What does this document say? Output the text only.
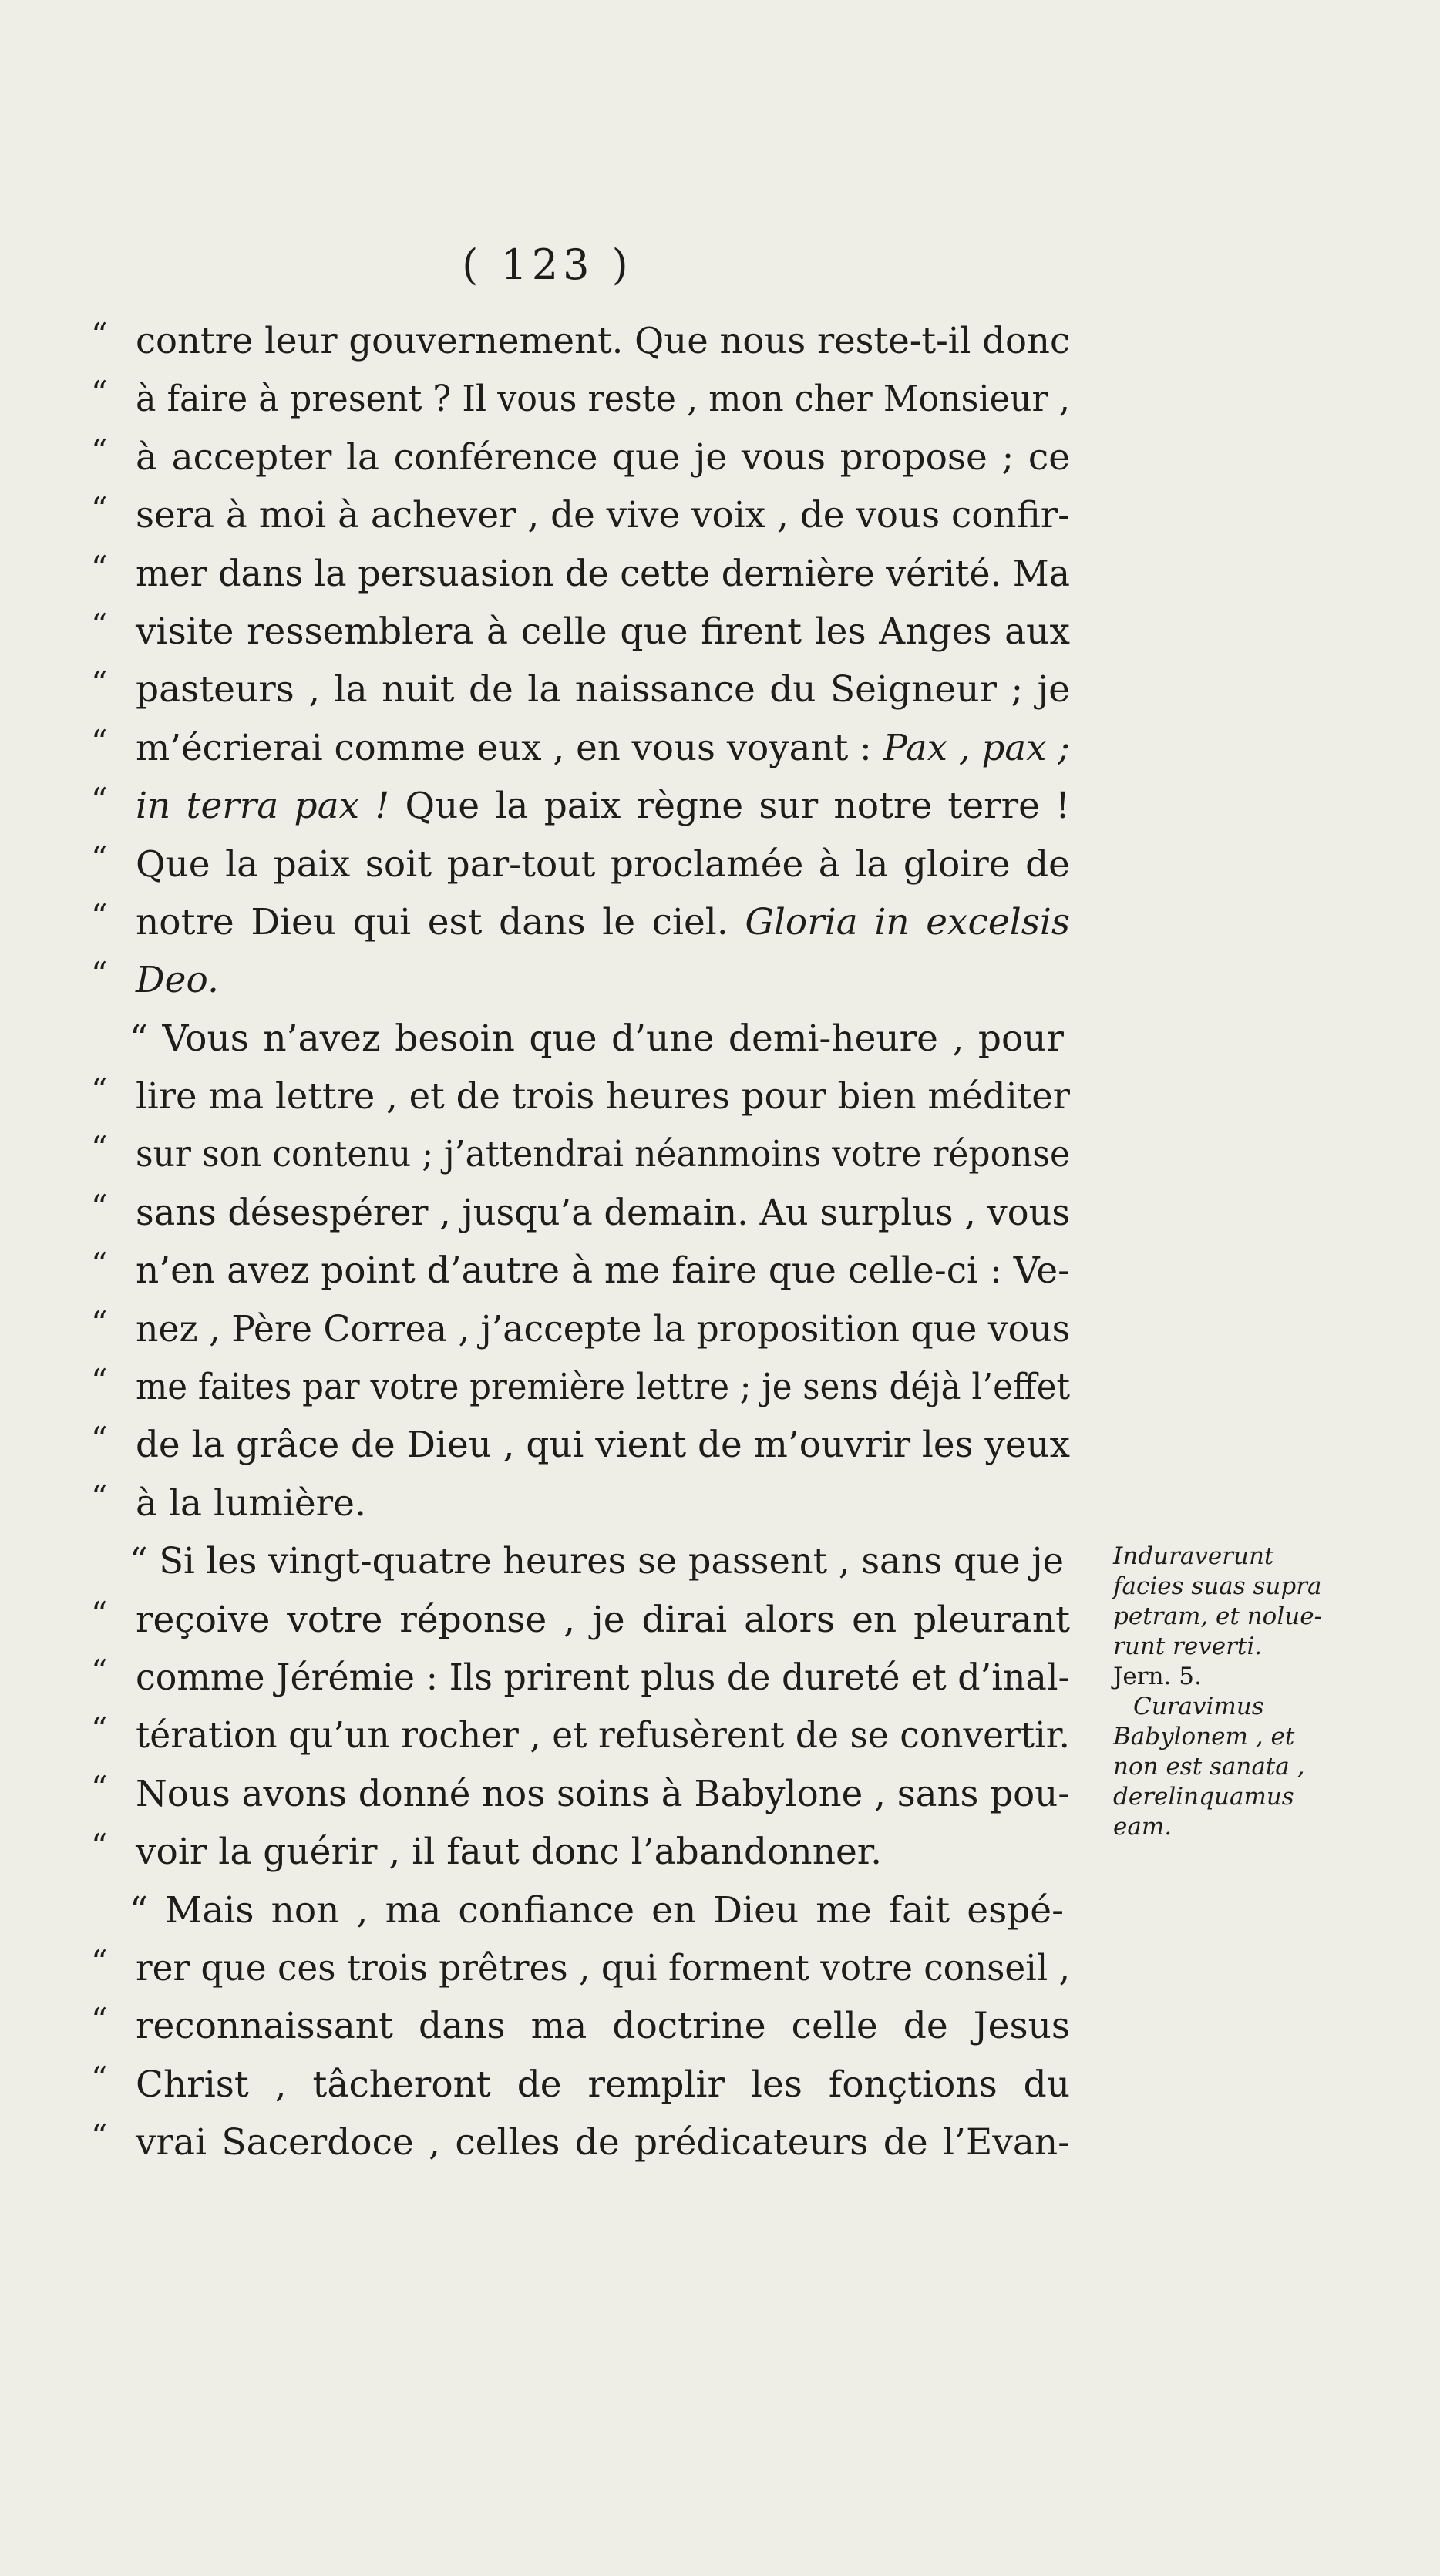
( 123 )
“ contre leur gouvernement. Que nous reste-t-il donc
“ à faire à present ? Il vous reste , mon cher Monsieur ,
“ à accepter la conférence que je vous propose ; ce
“ sera à moi à achever , de vive voix , de vous confir-
“ mer dans la persuasion de cette dernière vérité. Ma
“ visite ressemblera à celle que firent les Anges aux
“ pasteurs , la nuit de la naissance du Seigneur ; je
“ m’écrierai comme eux , en vous voyant : Pax , pax ;
“ in terra pax ! Que la paix règne sur notre terre !
“ Que la paix soit par-tout proclamée à la gloire de
“ notre Dieu qui est dans le ciel. Gloria in excelsis
“ Deo.
“ Vous n’avez besoin que d’une demi-heure , pour
“ lire ma lettre , et de trois heures pour bien méditer
“ sur son contenu ; j’attendrai néanmoins votre réponse
“ sans désespérer , jusqu’a demain. Au surplus , vous
“ n’en avez point d’autre à me faire que celle-ci : Ve-
“ nez , Père Correa , j’accepte la proposition que vous
“ me faites par votre première lettre ; je sens déjà l’effet
“ de la grâce de Dieu , qui vient de m’ouvrir les yeux
“ à la lumière.
“ Si les vingt-quatre heures se passent , sans que je
“ reçoive votre réponse , je dirai alors en pleurant
“ comme Jérémie : Ils prirent plus de dureté et d’inal-
“ tération qu’un rocher , et refusèrent de se convertir.
“ Nous avons donné nos soins à Babylone , sans pou-
“ voir la guérir , il faut donc l’abandonner.
“ Mais non , ma confiance en Dieu me fait espé-
“ rer que ces trois prêtres , qui forment votre conseil ,
“ reconnaissant dans ma doctrine celle de Jesus
“ Christ , tâcheront de remplir les fonçtions du
“ vrai Sacerdoce , celles de prédicateurs de l’Evan-
Induraverunt
facies suas supra
petram, et nolue-
runt reverti.
Jern. 5.
Curavimus
Babylonem , et
non est sanata ,
derelinquamus
eam.
